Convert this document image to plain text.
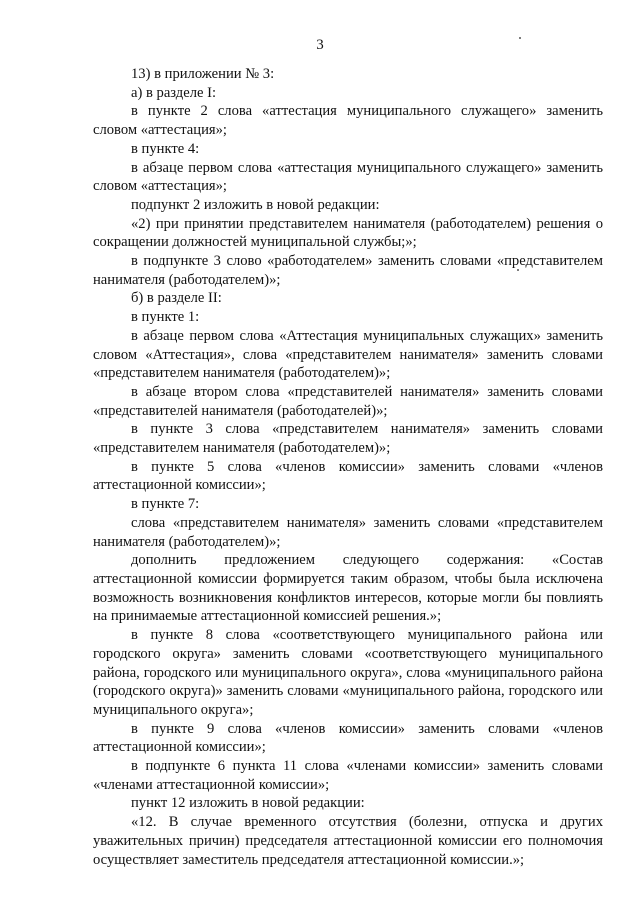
3

13) в приложении № 3:

а) в разделе I:

в пункте 2 слова «аттестация муниципального служащего» заменить словом «аттестация»;

в пункте 4:

в абзаце первом слова «аттестация муниципального служащего» заменить словом «аттестация»;

подпункт 2 изложить в новой редакции:

«2) при принятии представителем нанимателя (работодателем) решения о сокращении должностей муниципальной службы;»;

в подпункте 3 слово «работодателем» заменить словами «представителем нанимателя (работодателем)»;

б) в разделе II:

в пункте 1:

в абзаце первом слова «Аттестация муниципальных служащих» заменить словом «Аттестация», слова «представителем нанимателя» заменить словами «представителем нанимателя (работодателем)»;

в абзаце втором слова «представителей нанимателя» заменить словами «представителей нанимателя (работодателей)»;

в пункте 3 слова «представителем нанимателя» заменить словами «представителем нанимателя (работодателем)»;

в пункте 5 слова «членов комиссии» заменить словами «членов аттестационной комиссии»;

в пункте 7:

слова «представителем нанимателя» заменить словами «представителем нанимателя (работодателем)»;

дополнить предложением следующего содержания: «Состав аттестационной комиссии формируется таким образом, чтобы была исключена возможность возникновения конфликтов интересов, которые могли бы повлиять на принимаемые аттестационной комиссией решения.»;

в пункте 8 слова «соответствующего муниципального района или городского округа» заменить словами «соответствующего муниципального района, городского или муниципального округа», слова «муниципального района (городского округа)» заменить словами «муниципального района, городского или муниципального округа»;

в пункте 9 слова «членов комиссии» заменить словами «членов аттестационной комиссии»;

в подпункте 6 пункта 11 слова «членами комиссии» заменить словами «членами аттестационной комиссии»;

пункт 12 изложить в новой редакции:

«12. В случае временного отсутствия (болезни, отпуска и других уважительных причин) председателя аттестационной комиссии его полномочия осуществляет заместитель председателя аттестационной комиссии.»;
